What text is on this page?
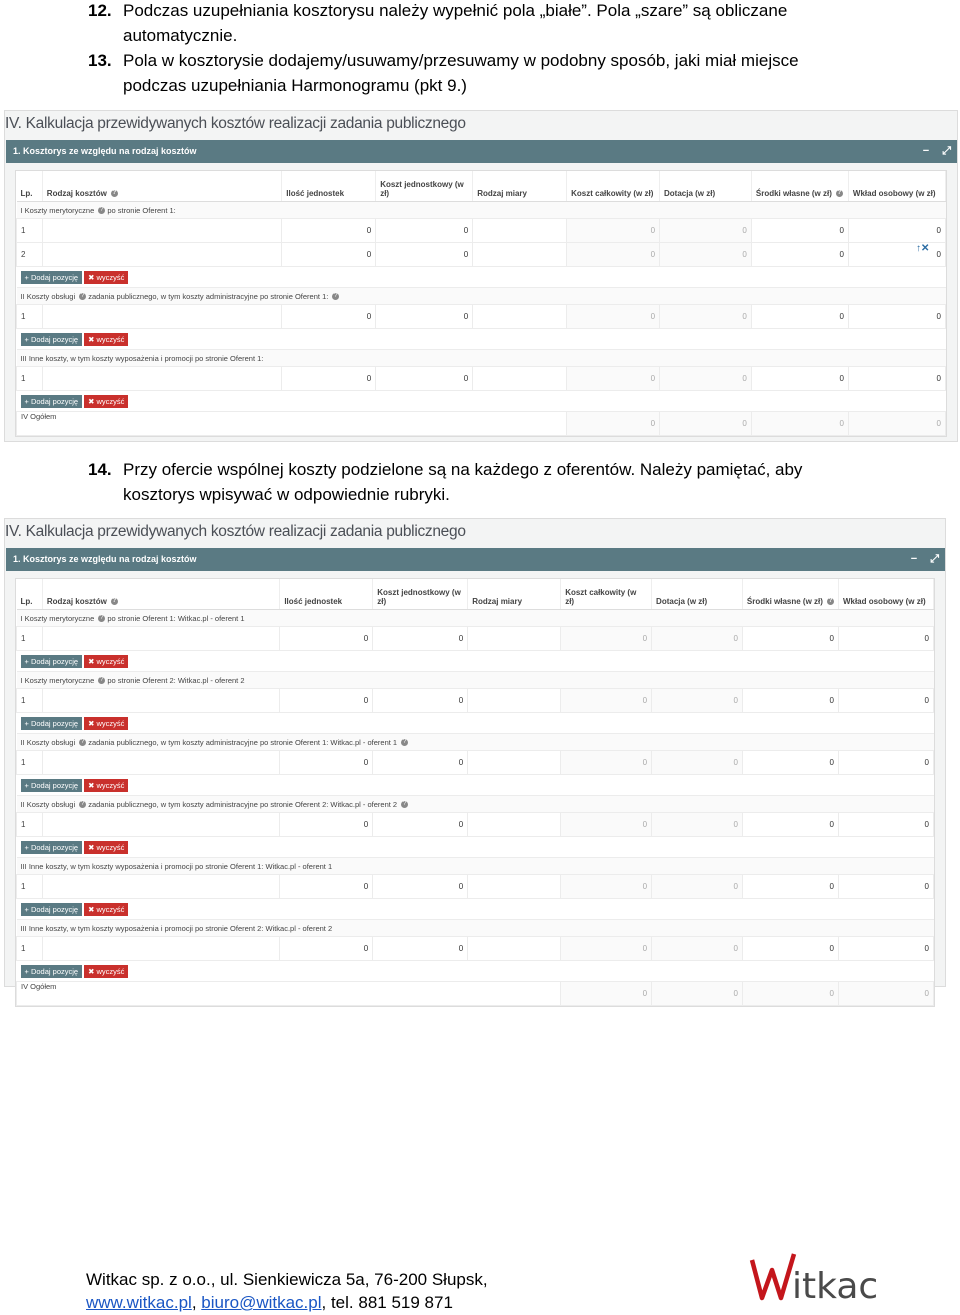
12. Podczas uzupełniania kosztorysu należy wypełnić pola „białe”. Pola „szare” są obliczane automatycznie.
13. Pola w kosztorysie dodajemy/usuwamy/przesuwamy w podobny sposób, jaki miał miejsce podczas uzupełniania Harmonogramu (pkt 9.)
IV. Kalkulacja przewidywanych kosztów realizacji zadania publicznego
1. Kosztorys ze względu na rodzaj kosztów	− ⤢
Lp.	Rodzaj kosztów ?	Ilość jednostek	Koszt jednostkowy (w zł)	Rodzaj miary	Koszt całkowity (w zł)	Dotacja (w zł)	Środki własne (w zł) ?	Wkład osobowy (w zł)
I Koszty merytoryczne ? po stronie Oferent 1:								
1		0	0		0	0	0	0
2		0	0		0	0	0	0
+ Dodaj pozycję ✖ wyczyść								
II Koszty obsługi ? zadania publicznego, w tym koszty administracyjne po stronie Oferent 1: ?								
1		0	0		0	0	0	0
+ Dodaj pozycję ✖ wyczyść								
III Inne koszty, w tym koszty wyposażenia i promocji po stronie Oferent 1:								
1		0	0		0	0	0	0
+ Dodaj pozycję ✖ wyczyść								
IV Ogółem					0	0	0	0
↑✕
14. Przy ofercie wspólnej koszty podzielone są na każdego z oferentów. Należy pamiętać, aby kosztorys wpisywać w odpowiednie rubryki.
IV. Kalkulacja przewidywanych kosztów realizacji zadania publicznego
1. Kosztorys ze względu na rodzaj kosztów	− ⤢
Lp.	Rodzaj kosztów ?	Ilość jednostek	Koszt jednostkowy (w zł)	Rodzaj miary	Koszt całkowity (w zł)	Dotacja (w zł)	Środki własne (w zł) ?	Wkład osobowy (w zł)
I Koszty merytoryczne ? po stronie Oferent 1: Witkac.pl - oferent 1								
1		0	0		0	0	0	0
+ Dodaj pozycję ✖ wyczyść								
I Koszty merytoryczne ? po stronie Oferent 2: Witkac.pl - oferent 2								
1		0	0		0	0	0	0
+ Dodaj pozycję ✖ wyczyść								
II Koszty obsługi ? zadania publicznego, w tym koszty administracyjne po stronie Oferent 1: Witkac.pl - oferent 1 ?								
1		0	0		0	0	0	0
+ Dodaj pozycję ✖ wyczyść								
II Koszty obsługi ? zadania publicznego, w tym koszty administracyjne po stronie Oferent 2: Witkac.pl - oferent 2 ?								
1		0	0		0	0	0	0
+ Dodaj pozycję ✖ wyczyść								
III Inne koszty, w tym koszty wyposażenia i promocji po stronie Oferent 1: Witkac.pl - oferent 1								
1		0	0		0	0	0	0
+ Dodaj pozycję ✖ wyczyść								
III Inne koszty, w tym koszty wyposażenia i promocji po stronie Oferent 2: Witkac.pl - oferent 2								
1		0	0		0	0	0	0
+ Dodaj pozycję ✖ wyczyść								
IV Ogółem					0	0	0	0
Witkac sp. z o.o., ul. Sienkiewicza 5a, 76-200 Słupsk,
www.witkac.pl, biuro@witkac.pl, tel. 881 519 871	itkac
